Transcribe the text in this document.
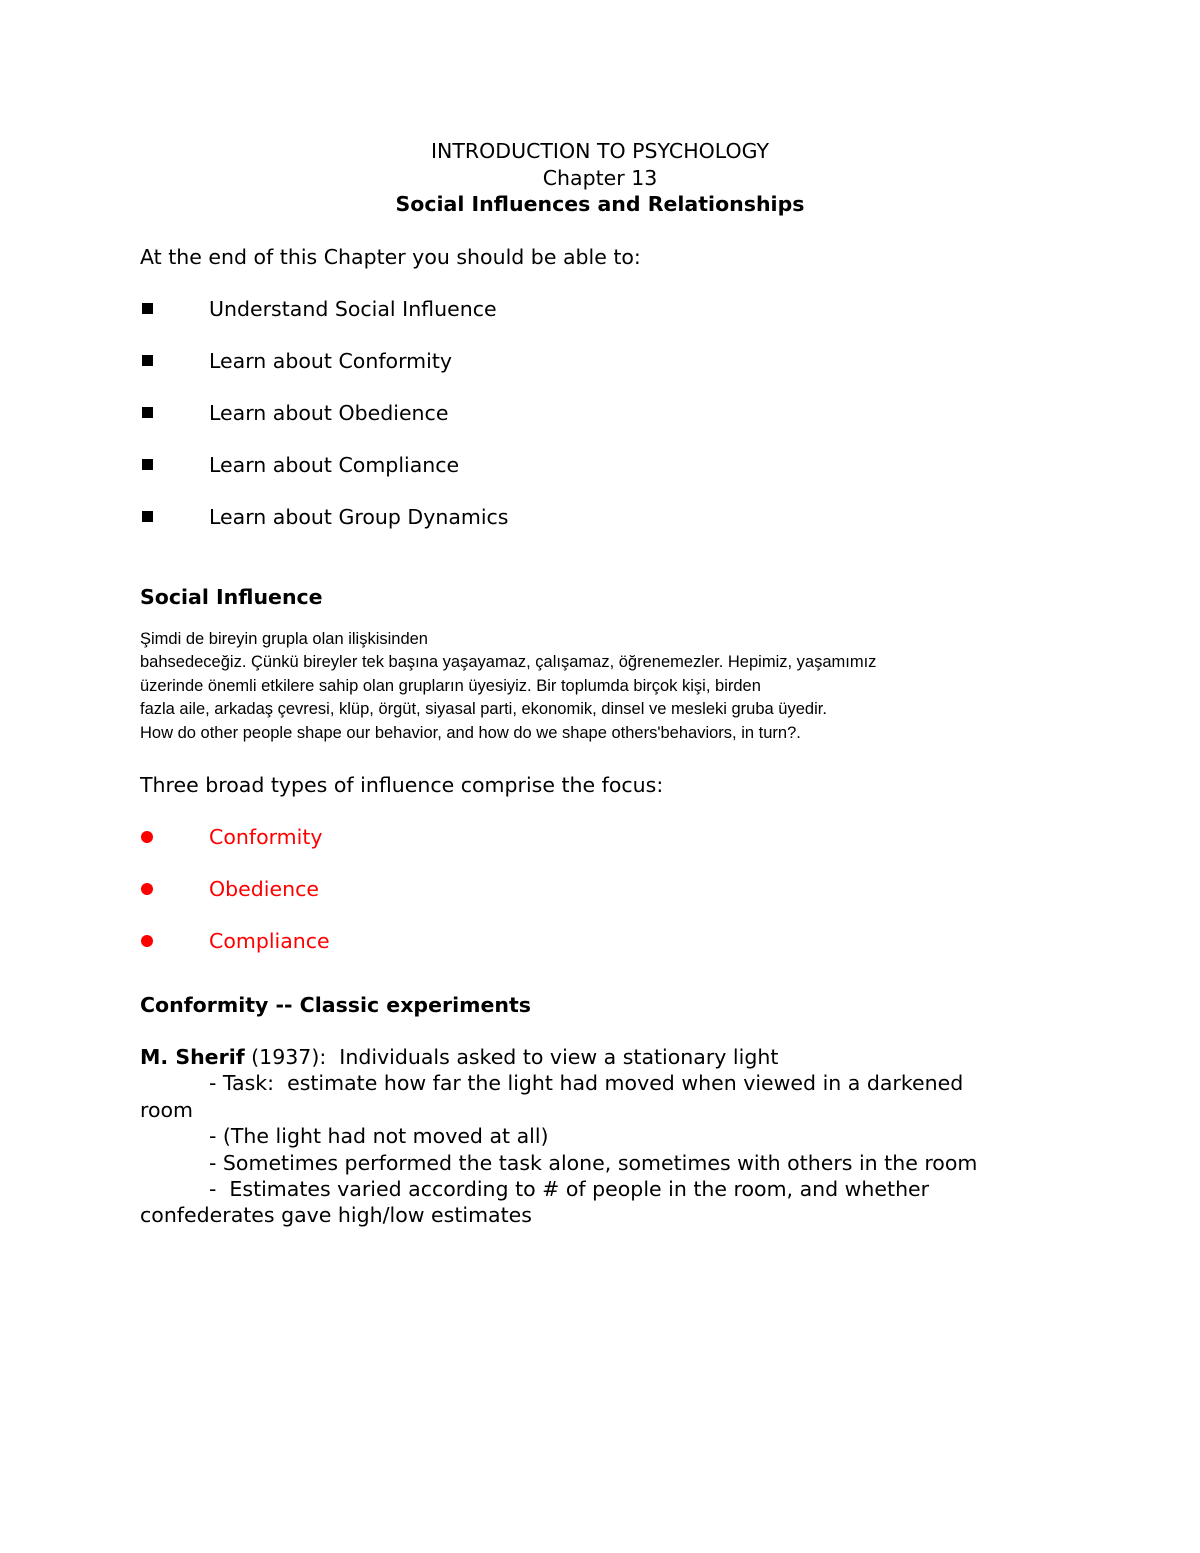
INTRODUCTION TO PSYCHOLOGY
Chapter 13
Social Influences and Relationships
At the end of this Chapter you should be able to:
Understand Social Influence
Learn about Conformity
Learn about Obedience
Learn about Compliance
Learn about Group Dynamics
Social Influence
Şimdi de bireyin grupla olan ilişkisinden
bahsedeceğiz. Çünkü bireyler tek başına yaşayamaz, çalışamaz, öğrenemezler. Hepimiz, yaşamımız
üzerinde önemli etkilere sahip olan grupların üyesiyiz. Bir toplumda birçok kişi, birden
fazla aile, arkadaş çevresi, klüp, örgüt, siyasal parti, ekonomik, dinsel ve mesleki gruba üyedir.
How do other people shape our behavior, and how do we shape others'behaviors, in turn?.
Three broad types of influence comprise the focus:
Conformity
Obedience
Compliance
Conformity -- Classic experiments
M. Sherif (1937):  Individuals asked to view a stationary light
- Task:  estimate how far the light had moved when viewed in a darkened
room
- (The light had not moved at all)
- Sometimes performed the task alone, sometimes with others in the room
-  Estimates varied according to # of people in the room, and whether
confederates gave high/low estimates
